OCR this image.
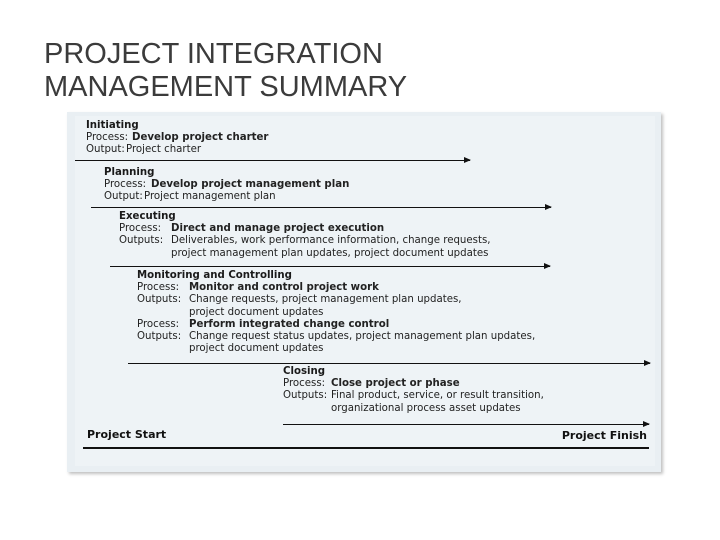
PROJECT INTEGRATION
MANAGEMENT SUMMARY
Initiating
Process: Develop project charter
Output: Project charter
Planning
Process: Develop project management plan
Output: Project management plan
Executing
Process: Direct and manage project execution
Outputs: Deliverables, work performance information, change requests,
project management plan updates, project document updates
Monitoring and Controlling
Process: Monitor and control project work
Outputs: Change requests, project management plan updates,
project document updates
Process: Perform integrated change control
Outputs: Change request status updates, project management plan updates,
project document updates
Closing
Process: Close project or phase
Outputs: Final product, service, or result transition,
organizational process asset updates
Project Start	Project Finish
